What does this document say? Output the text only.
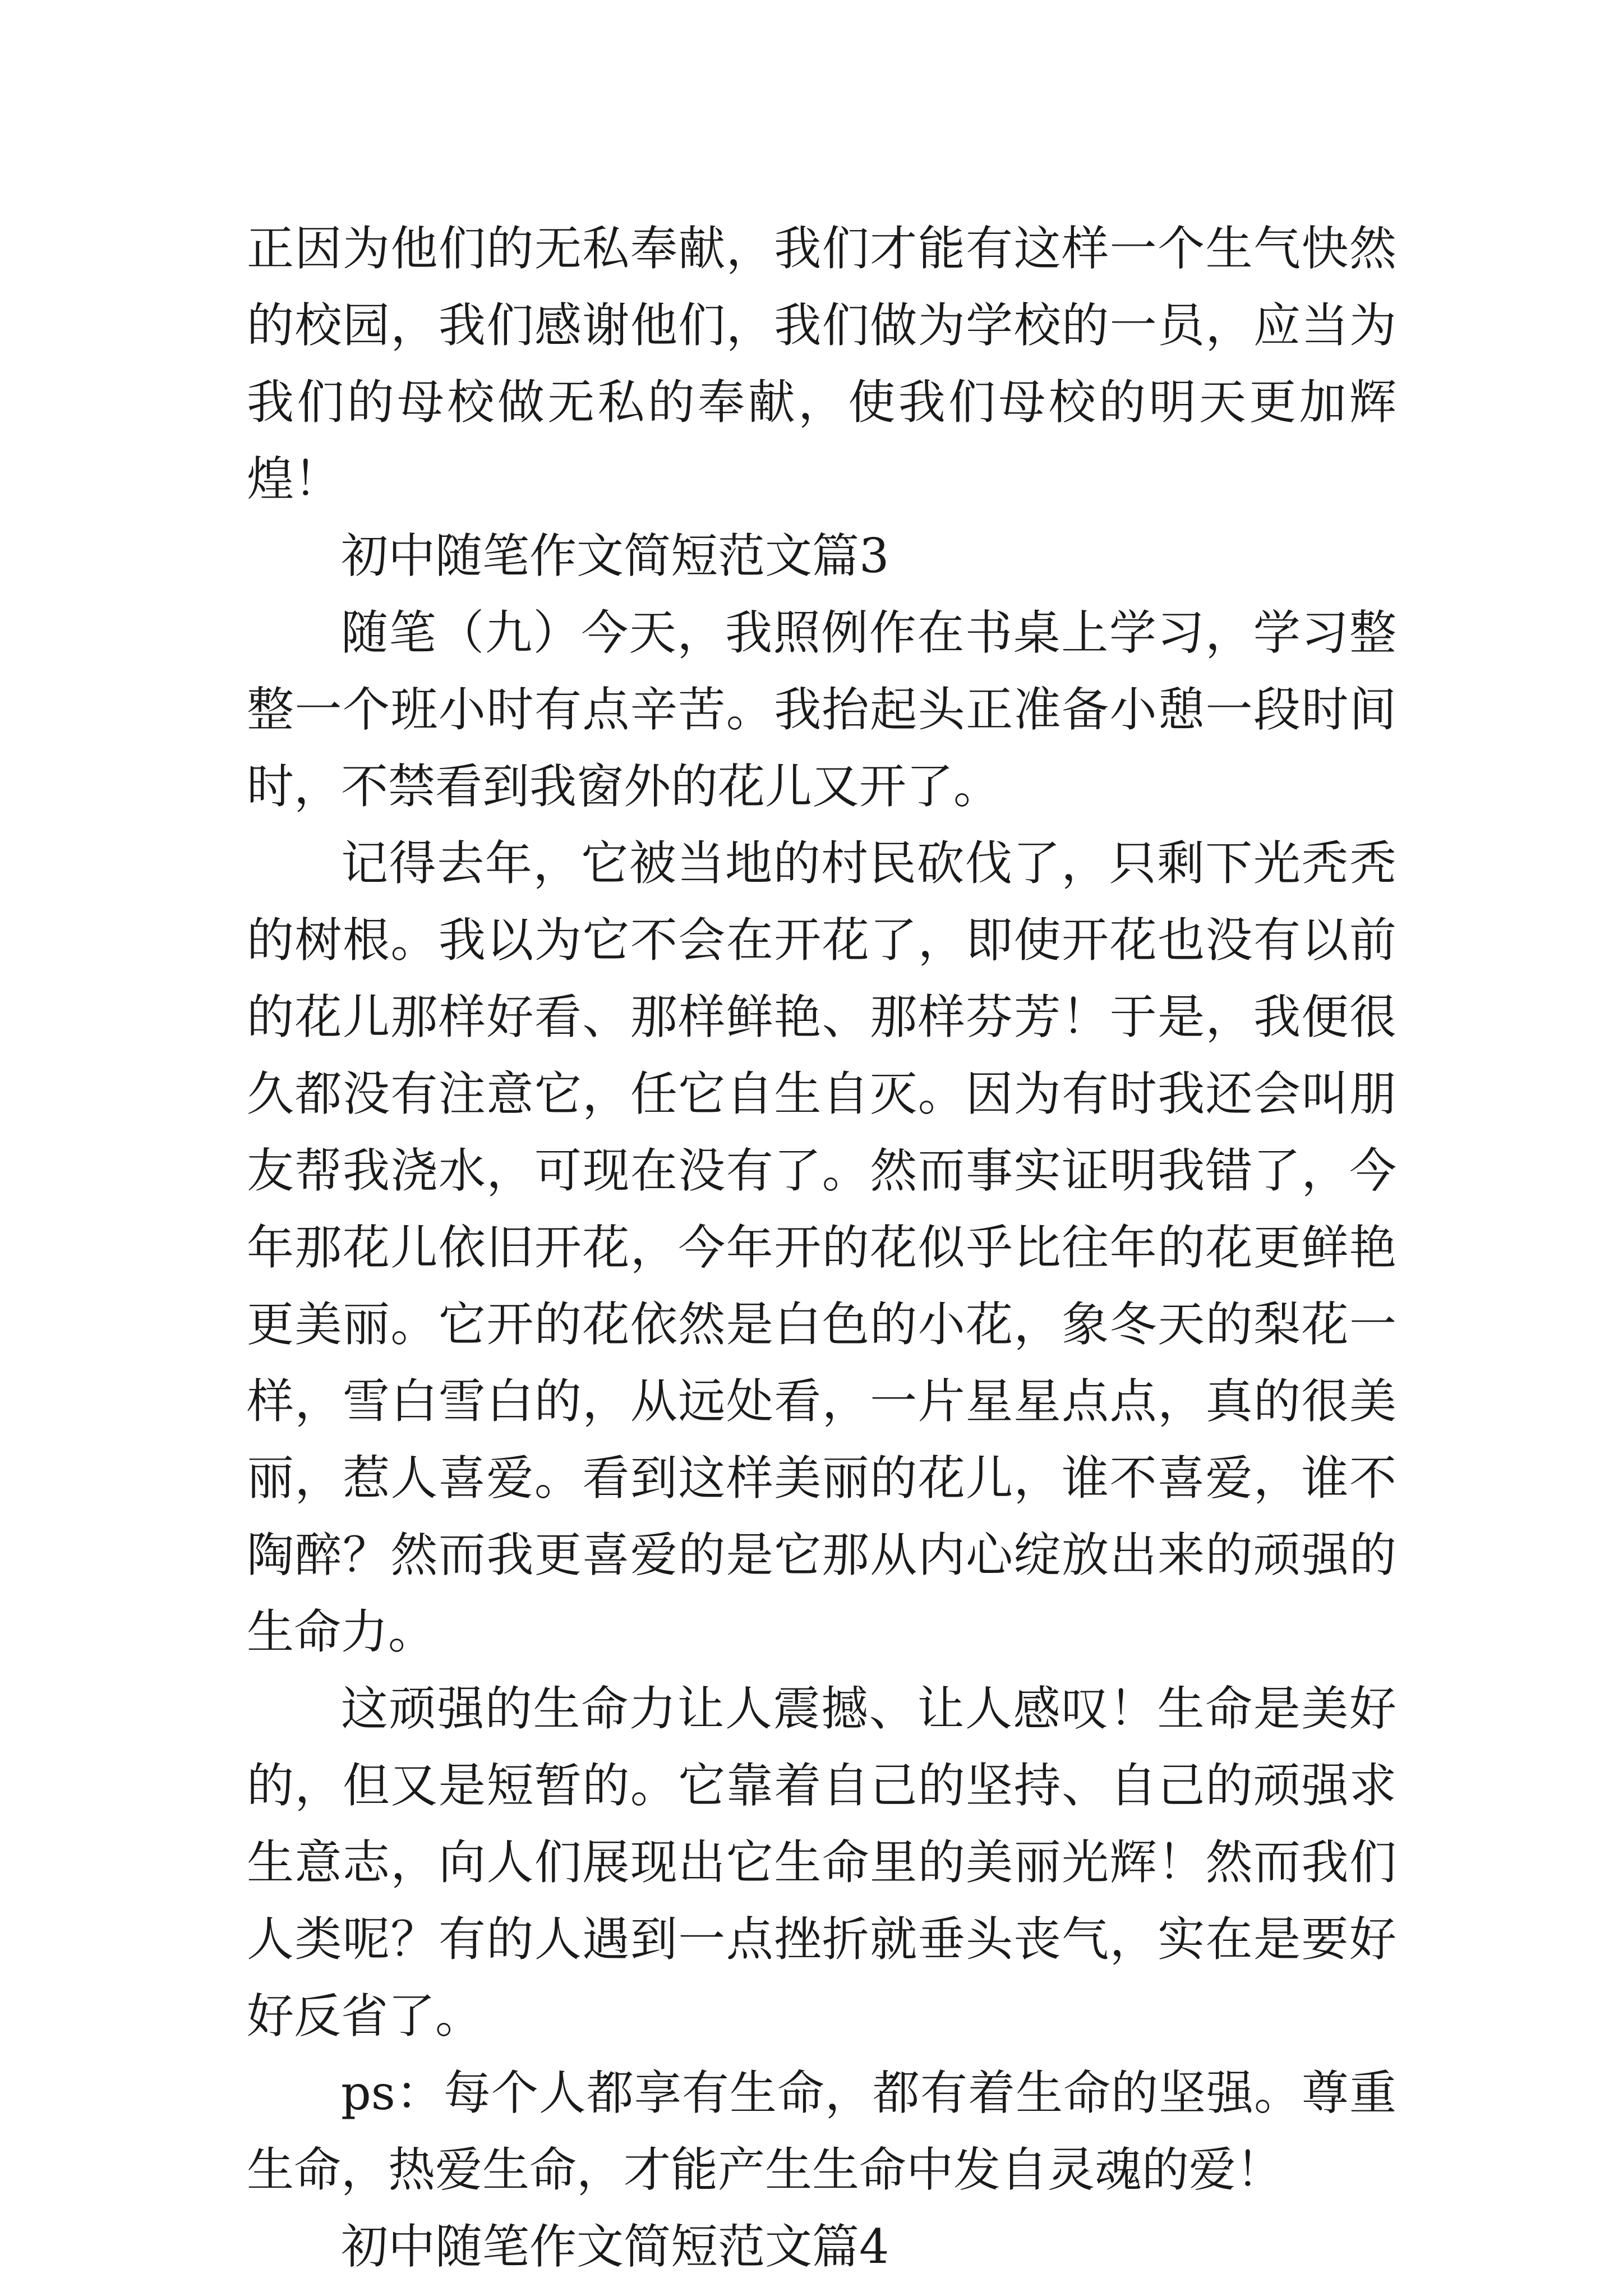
正因为他们的无私奉献，我们才能有这样一个生气快然的校园，我们感谢他们，我们做为学校的一员，应当为我们的母校做无私的奉献，使我们母校的明天更加辉煌！

初中随笔作文简短范文篇3

随笔（九）今天，我照例作在书桌上学习，学习整整一个班小时有点辛苦。我抬起头正准备小憩一段时间时，不禁看到我窗外的花儿又开了。

记得去年，它被当地的村民砍伐了，只剩下光秃秃的树根。我以为它不会在开花了，即使开花也没有以前的花儿那样好看、那样鲜艳、那样芬芳！于是，我便很久都没有注意它，任它自生自灭。因为有时我还会叫朋友帮我浇水，可现在没有了。然而事实证明我错了，今年那花儿依旧开花，今年开的花似乎比往年的花更鲜艳更美丽。它开的花依然是白色的小花，象冬天的梨花一样，雪白雪白的，从远处看，一片星星点点，真的很美丽，惹人喜爱。看到这样美丽的花儿，谁不喜爱，谁不陶醉？然而我更喜爱的是它那从内心绽放出来的顽强的生命力。

这顽强的生命力让人震撼、让人感叹！生命是美好的，但又是短暂的。它靠着自己的坚持、自己的顽强求生意志，向人们展现出它生命里的美丽光辉！然而我们人类呢？有的人遇到一点挫折就垂头丧气，实在是要好好反省了。

ps：每个人都享有生命，都有着生命的坚强。尊重生命，热爱生命，才能产生生命中发自灵魂的爱！

初中随笔作文简短范文篇4
